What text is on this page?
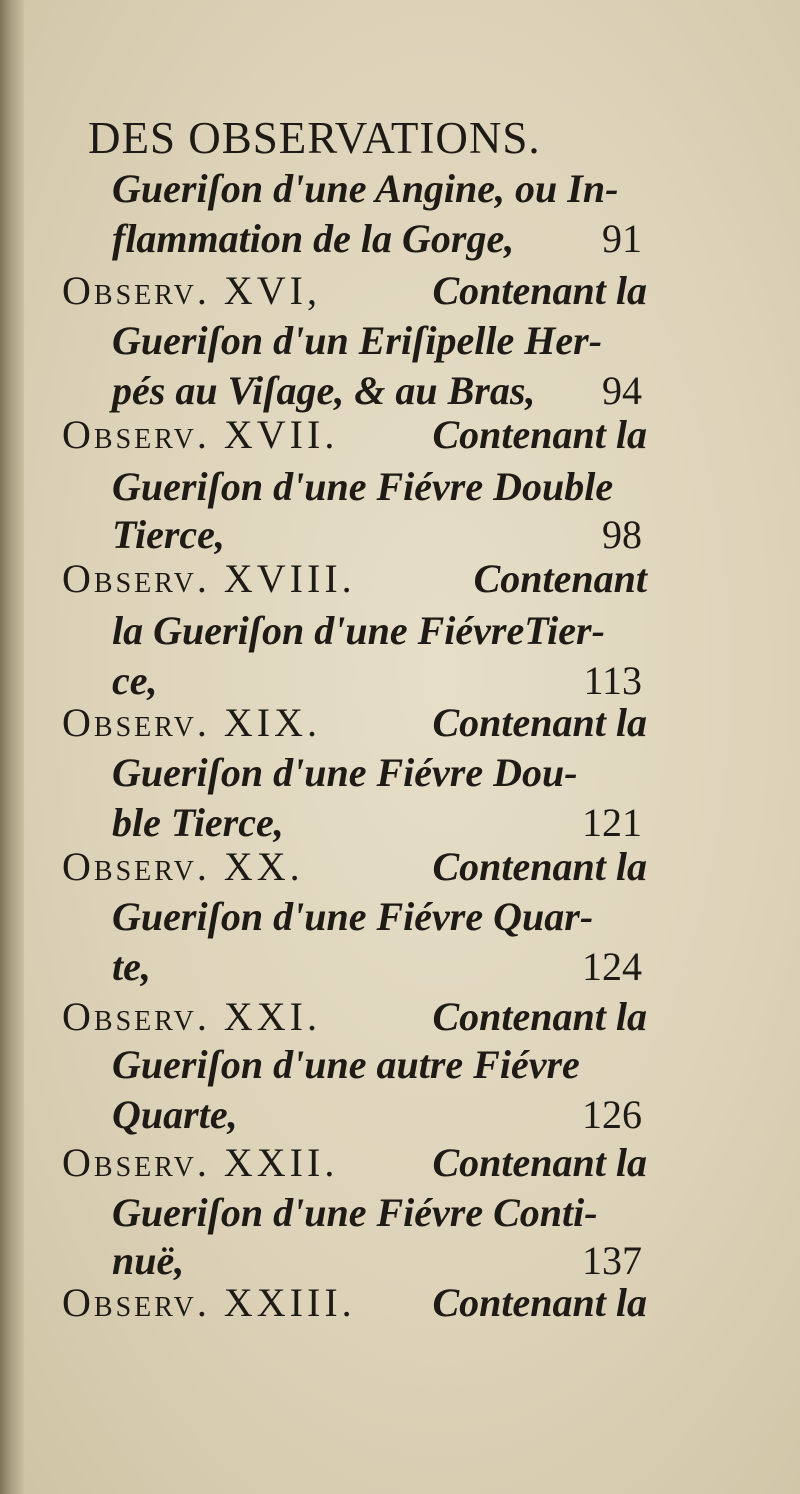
DES OBSERVATIONS.
Gueriſon d'une Angine, ou In-
flammation de la Gorge, 91
Observ. XVI,	Contenant la
Gueriſon d'un Eriſipelle Her-
pés au Viſage, & au Bras, 94
Observ. XVII.	Contenant la
Gueriſon d'une Fiévre Double
Tierce,	98
Observ. XVIII.	Contenant
la Gueriſon d'une FiévreTier-
ce,	113
Observ. XIX.	Contenant la
Gueriſon d'une Fiévre Dou-
ble Tierce,	121
Observ. XX.	Contenant la
Gueriſon d'une Fiévre Quar-
te,	124
Observ. XXI.	Contenant la
Gueriſon d'une autre Fiévre
Quarte,	126
Observ. XXII.	Contenant la
Gueriſon d'une Fiévre Conti-
nuë,	137
Observ. XXIII.	Contenant la
